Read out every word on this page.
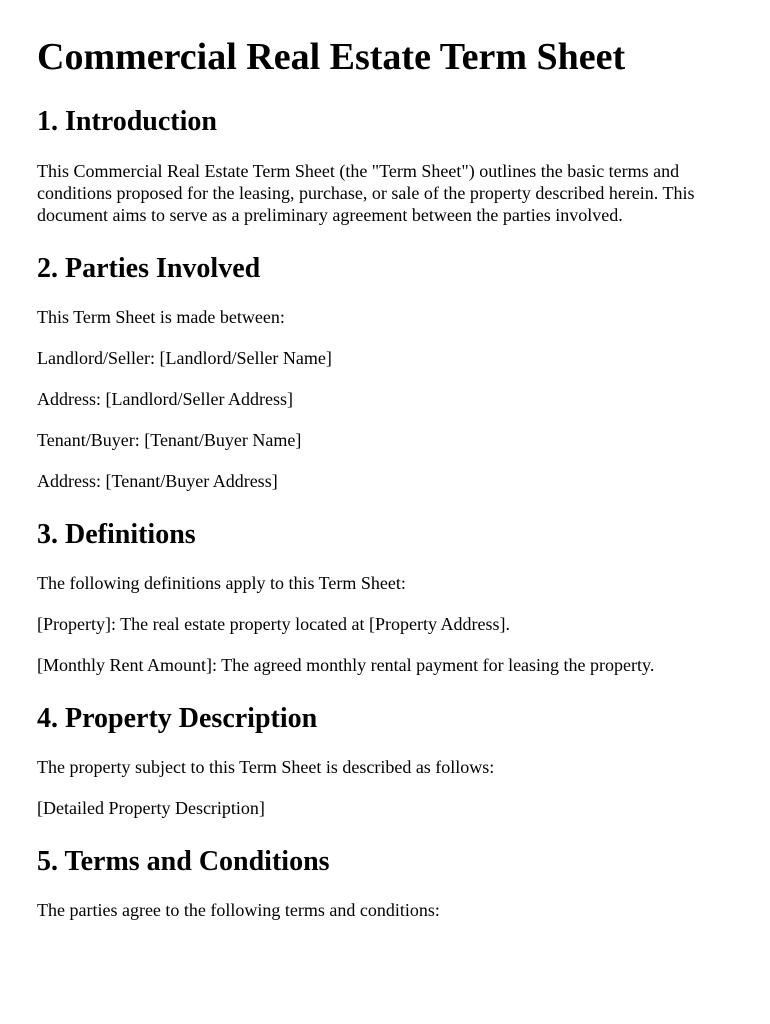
Commercial Real Estate Term Sheet
1. Introduction

This Commercial Real Estate Term Sheet (the "Term Sheet") outlines the basic terms and conditions proposed for the leasing, purchase, or sale of the property described herein. This document aims to serve as a preliminary agreement between the parties involved.

2. Parties Involved

This Term Sheet is made between:

Landlord/Seller: [Landlord/Seller Name]

Address: [Landlord/Seller Address]

Tenant/Buyer: [Tenant/Buyer Name]

Address: [Tenant/Buyer Address]

3. Definitions

The following definitions apply to this Term Sheet:

[Property]: The real estate property located at [Property Address].

[Monthly Rent Amount]: The agreed monthly rental payment for leasing the property.

4. Property Description

The property subject to this Term Sheet is described as follows:

[Detailed Property Description]

5. Terms and Conditions

The parties agree to the following terms and conditions:
